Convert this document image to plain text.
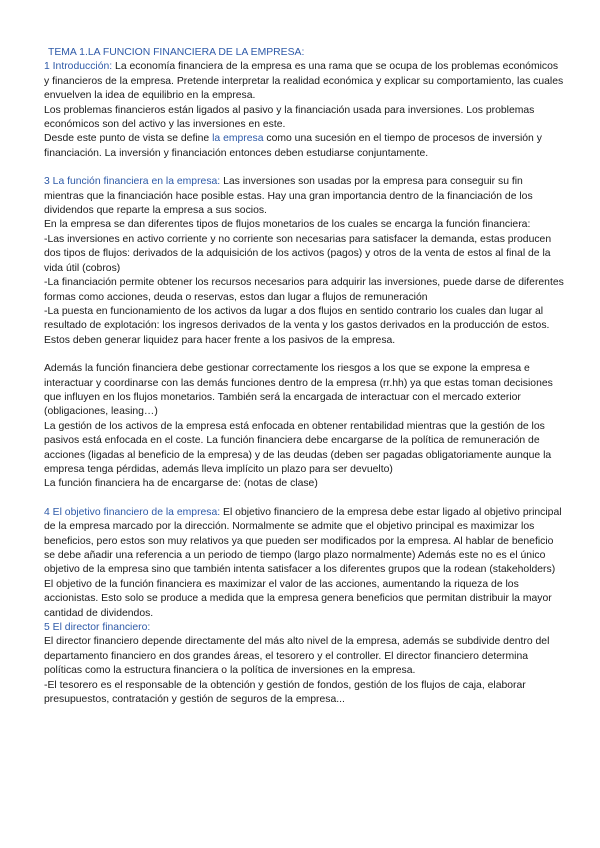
TEMA 1.LA FUNCION FINANCIERA DE LA EMPRESA:

1 Introducción: La economía financiera de la empresa es una rama que se ocupa de los problemas económicos y financieros de la empresa. Pretende interpretar la realidad económica y explicar su comportamiento, las cuales envuelven la idea de equilibrio en la empresa.

Los problemas financieros están ligados al pasivo y la financiación usada para inversiones. Los problemas económicos son del activo y las inversiones en este.

Desde este punto de vista se define la empresa como una sucesión en el tiempo de procesos de inversión y financiación. La inversión y financiación entonces deben estudiarse conjuntamente.

3 La función financiera en la empresa: Las inversiones son usadas por la empresa para conseguir su fin mientras que la financiación hace posible estas. Hay una gran importancia dentro de la financiación de los dividendos que reparte la empresa a sus socios.

En la empresa se dan diferentes tipos de flujos monetarios de los cuales se encarga la función financiera:

-Las inversiones en activo corriente y no corriente son necesarias para satisfacer la demanda, estas producen dos tipos de flujos: derivados de la adquisición de los activos (pagos) y otros de la venta de estos al final de la vida útil (cobros)

-La financiación permite obtener los recursos necesarios para adquirir las inversiones, puede darse de diferentes formas como acciones, deuda o reservas, estos dan lugar a flujos de remuneración

-La puesta en funcionamiento de los activos da lugar a dos flujos en sentido contrario los cuales dan lugar al resultado de explotación: los ingresos derivados de la venta y los gastos derivados en la producción de estos. Estos deben generar liquidez para hacer frente a los pasivos de la empresa.

Además la función financiera debe gestionar correctamente los riesgos a los que se expone la empresa e interactuar y coordinarse con las demás funciones dentro de la empresa (rr.hh) ya que estas toman decisiones que influyen en los flujos monetarios. También será la encargada de interactuar con el mercado exterior (obligaciones, leasing…)

La gestión de los activos de la empresa está enfocada en obtener rentabilidad mientras que la gestión de los pasivos está enfocada en el coste. La función financiera debe encargarse de la política de remuneración de acciones (ligadas al beneficio de la empresa) y de las deudas (deben ser pagadas obligatoriamente aunque la empresa tenga pérdidas, además lleva implícito un plazo para ser devuelto)

La función financiera ha de encargarse de: (notas de clase)

4 El objetivo financiero de la empresa: El objetivo financiero de la empresa debe estar ligado al objetivo principal de la empresa marcado por la dirección. Normalmente se admite que el objetivo principal es maximizar los beneficios, pero estos son muy relativos ya que pueden ser modificados por la empresa. Al hablar de beneficio se debe añadir una referencia a un periodo de tiempo (largo plazo normalmente) Además este no es el único objetivo de la empresa sino que también intenta satisfacer a los diferentes grupos que la rodean (stakeholders)

El objetivo de la función financiera es maximizar el valor de las acciones, aumentando la riqueza de los accionistas. Esto solo se produce a medida que la empresa genera beneficios que permitan distribuir la mayor cantidad de dividendos.

5 El director financiero:

El director financiero depende directamente del más alto nivel de la empresa, además se subdivide dentro del departamento financiero en dos grandes áreas, el tesorero y el controller. El director financiero determina políticas como la estructura financiera o la política de inversiones en la empresa.

-El tesorero es el responsable de la obtención y gestión de fondos, gestión de los flujos de caja, elaborar presupuestos, contratación y gestión de seguros de la empresa...
